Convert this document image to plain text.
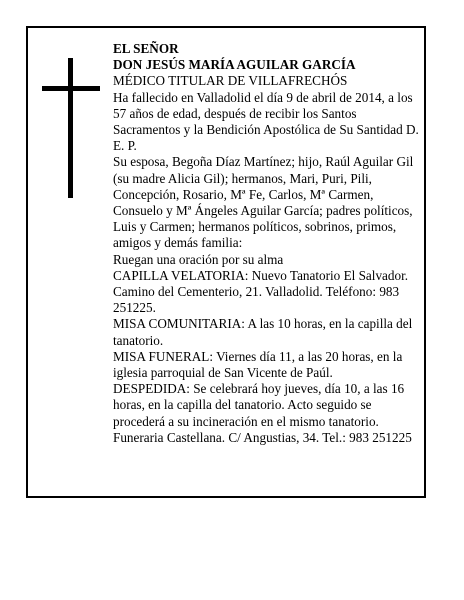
EL SEÑOR

DON JESÚS MARÍA AGUILAR GARCÍA

MÉDICO TITULAR DE VILLAFRECHÓS

Ha fallecido en Valladolid el día 9 de abril de 2014, a los 57 años de edad, después de recibir los Santos Sacramentos y la Bendición Apostólica de Su Santidad D. E. P.

Su esposa, Begoña Díaz Martínez; hijo, Raúl Aguilar Gil (su madre Alicia Gil); hermanos, Mari, Puri, Pili, Concepción, Rosario, Mª Fe, Carlos, Mª Carmen, Consuelo y Mª Ángeles Aguilar García; padres políticos, Luis y Carmen; hermanos políticos, sobrinos, primos, amigos y demás familia:

Ruegan una oración por su alma

CAPILLA VELATORIA: Nuevo Tanatorio El Salvador. Camino del Cementerio, 21. Valladolid. Teléfono: 983 251225.

MISA COMUNITARIA: A las 10 horas, en la capilla del tanatorio.

MISA FUNERAL: Viernes día 11, a las 20 horas, en la iglesia parroquial de San Vicente de Paúl.

DESPEDIDA: Se celebrará hoy jueves, día 10, a las 16 horas, en la capilla del tanatorio. Acto seguido se procederá a su incineración en el mismo tanatorio.

Funeraria Castellana. C/ Angustias, 34. Tel.: 983 251225
